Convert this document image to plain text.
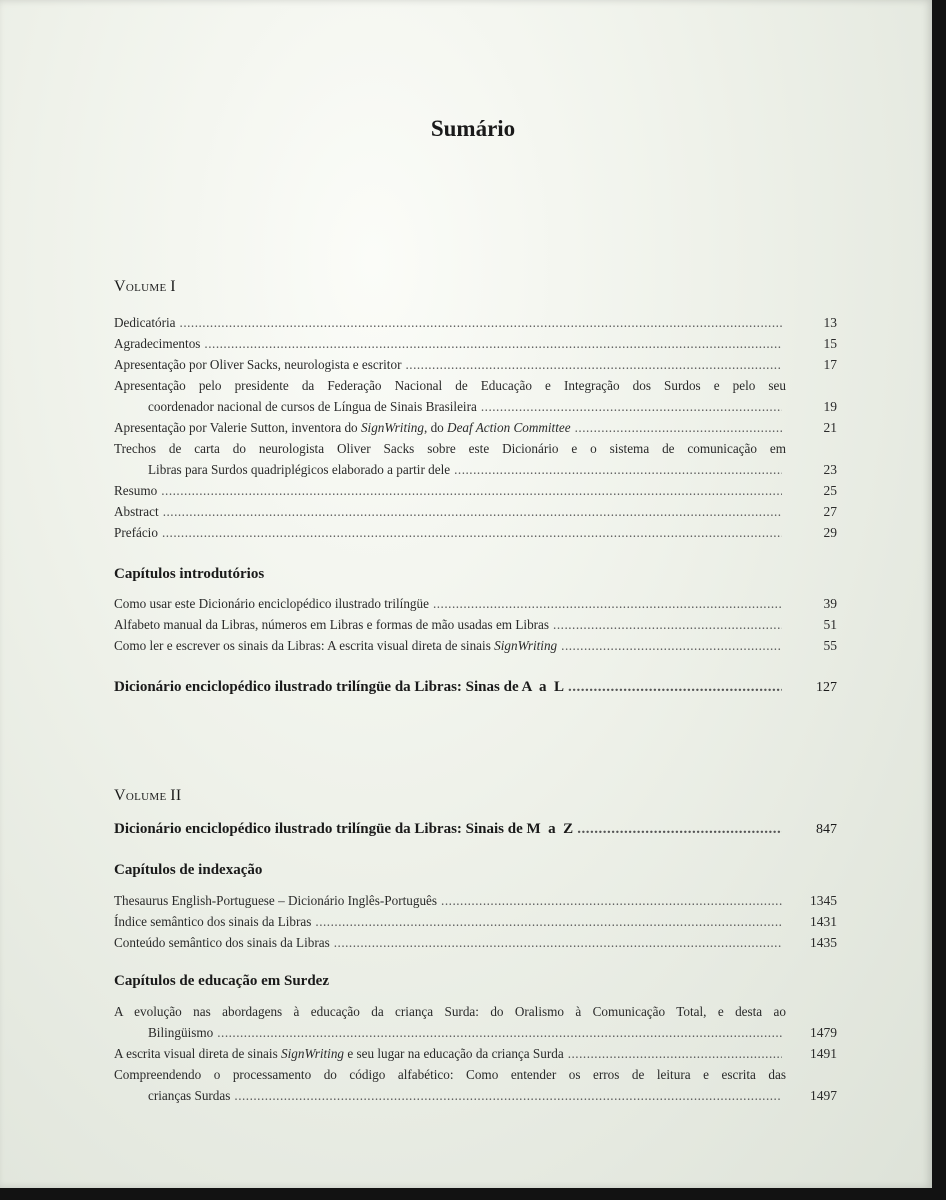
Sumário
Volume I
Dedicatória .....	13
Agradecimentos .....	15
Apresentação por Oliver Sacks, neurologista e escritor .....	17
Apresentação pelo presidente da Federação Nacional de Educação e Integração dos Surdos e pelo seu
coordenador nacional de cursos de Língua de Sinais Brasileira .....	19
Apresentação por Valerie Sutton, inventora do SignWriting, do Deaf Action Committee .....	21
Trechos de carta do neurologista Oliver Sacks sobre este Dicionário e o sistema de comunicação em
Libras para Surdos quadriplégicos elaborado a partir dele .....	23
Resumo .....	25
Abstract .....	27
Prefácio .....	29
Capítulos introdutórios
Como usar este Dicionário enciclopédico ilustrado trilíngüe .....	39
Alfabeto manual da Libras, números em Libras e formas de mão usadas em Libras .....	51
Como ler e escrever os sinais da Libras: A escrita visual direta de sinais SignWriting .....	55
Dicionário enciclopédico ilustrado trilíngüe da Libras: Sinas de A  a  L .....	127
Volume II
Dicionário enciclopédico ilustrado trilíngüe da Libras: Sinais de M  a  Z .....	847
Capítulos de indexação
Thesaurus English-Portuguese – Dicionário Inglês-Português .....	1345
Índice semântico dos sinais da Libras .....	1431
Conteúdo semântico dos sinais da Libras .....	1435
Capítulos de educação em Surdez
A evolução nas abordagens à educação da criança Surda: do Oralismo à Comunicação Total, e desta ao
Bilingüismo .....	1479
A escrita visual direta de sinais SignWriting e seu lugar na educação da criança Surda .....	1491
Compreendendo o processamento do código alfabético: Como entender os erros de leitura e escrita das
crianças Surdas .....	1497
